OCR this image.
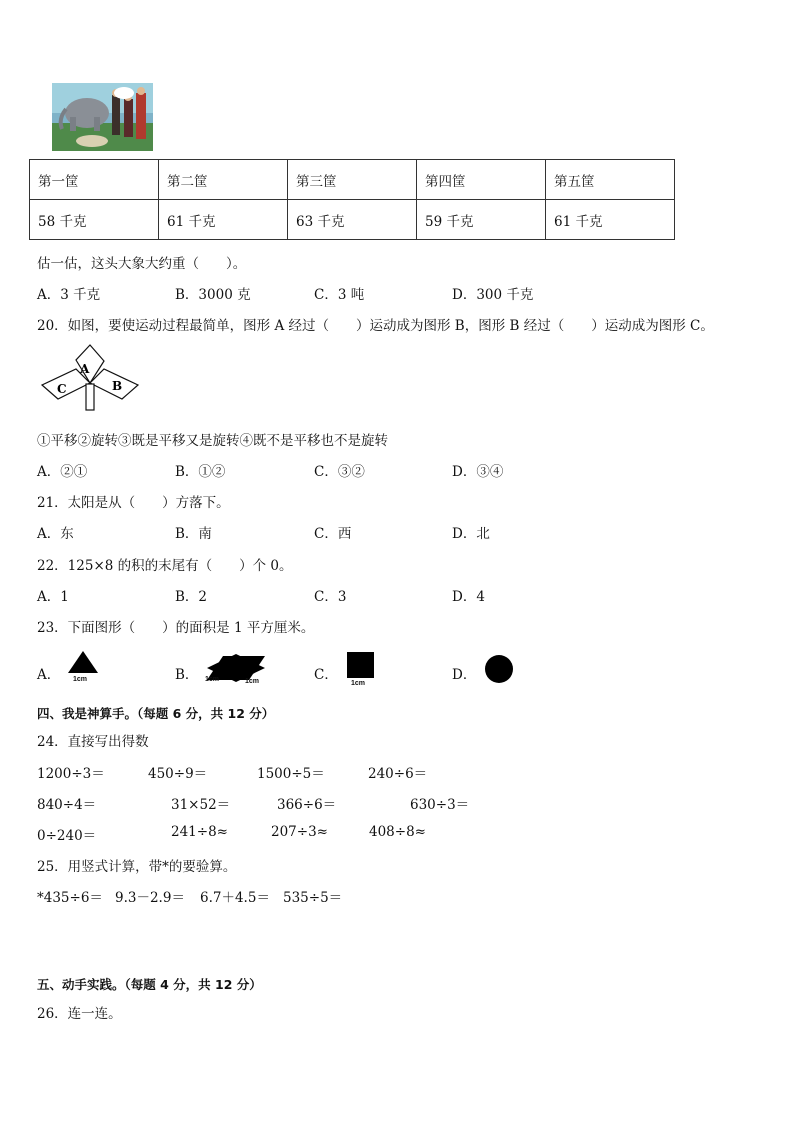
第一筐	第二筐	第三筐	第四筐	第五筐
58 千克	61 千克	63 千克	59 千克	61 千克
估一估，这头大象大约重（　　）。
A．3 千克	B．3000 克	C．3 吨	D．300 千克
20．如图，要使运动过程最简单，图形 A 经过（　　）运动成为图形 B，图形 B 经过（　　）运动成为图形 C。
A
B
C
①平移②旋转③既是平移又是旋转④既不是平移也不是旋转
A．②①	B．①②	C．③②	D．③④
21．太阳是从（　　）方落下。
A．东	B．南	C．西	D．北
22．125×8 的积的末尾有（　　）个 0。
A．1	B．2	C．3	D．4
23．下面图形（　　）的面积是 1 平方厘米。
A． 1cm	B． 1cm	1cm	C．
1cm
D．
四、我是神算手。（每题 6 分，共 12 分）
24．直接写出得数
1200÷3＝	450÷9＝	1500÷5＝	240÷6＝
840÷4＝	31×52＝	366÷6＝	630÷3＝
0÷240＝	241÷8≈	207÷3≈	408÷8≈
25．用竖式计算，带*的要验算。
*435÷6＝ 9.3－2.9＝ 6.7＋4.5＝ 535÷5＝
五、动手实践。（每题 4 分，共 12 分）
26．连一连。
